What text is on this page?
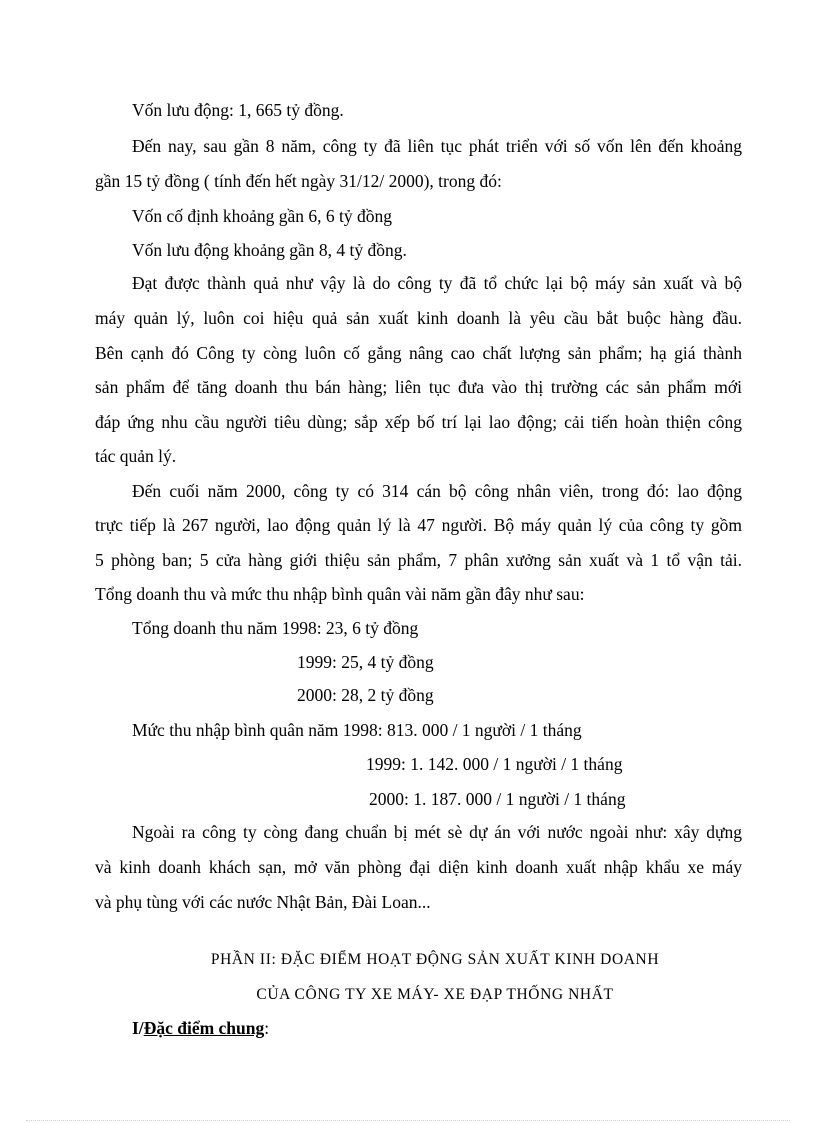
Vốn lưu động: 1, 665 tỷ đồng.
Đến nay, sau gần 8 năm, công ty đã liên tục phát triển với số vốn lên đến khoảng
gần 15 tỷ đồng ( tính đến hết ngày 31/12/ 2000), trong đó:
Vốn cố định khoảng gần 6, 6 tỷ đồng
Vốn lưu động khoảng gần 8, 4 tỷ đồng.
Đạt được thành quả như vậy là do công ty đã tổ chức lại bộ máy sản xuất và bộ
máy quản lý, luôn coi hiệu quả sản xuất kinh doanh là yêu cầu bắt buộc hàng đầu.
Bên cạnh đó Công ty còng luôn cố gắng nâng cao chất lượng sản phẩm; hạ giá thành
sản phẩm để tăng doanh thu bán hàng; liên tục đưa vào thị trường các sản phẩm mới
đáp ứng nhu cầu người tiêu dùng; sắp xếp bố trí lại lao động; cải tiến hoàn thiện công
tác quản lý.
Đến cuối năm 2000, công ty có 314 cán bộ công nhân viên, trong đó: lao động
trực tiếp là 267 người, lao động quản lý là 47 người. Bộ máy quản lý của công ty gồm
5 phòng ban; 5 cửa hàng giới thiệu sản phẩm, 7 phân xưởng sản xuất và 1 tổ vận tải.
Tổng doanh thu và mức thu nhập bình quân vài năm gần đây như sau:
Tổng doanh thu năm 1998: 23, 6 tỷ đồng
1999: 25, 4 tỷ đồng
2000: 28, 2 tỷ đồng
Mức thu nhập bình quân năm 1998: 813. 000 / 1 người / 1 tháng
1999: 1. 142. 000 / 1 người / 1 tháng
2000: 1. 187. 000 / 1 người / 1 tháng
Ngoài ra công ty còng đang chuẩn bị mét sè dự án với nước ngoài như: xây dựng
và kinh doanh khách sạn, mở văn phòng đại diện kinh doanh xuất nhập khẩu xe máy
và phụ tùng với các nước Nhật Bản, Đài Loan...
PHẦN II: ĐẶC ĐIỂM HOẠT ĐỘNG SẢN XUẤT KINH DOANH
CỦA CÔNG TY XE MÁY- XE ĐẠP THỐNG NHẤT
I/Đặc điểm chung:
